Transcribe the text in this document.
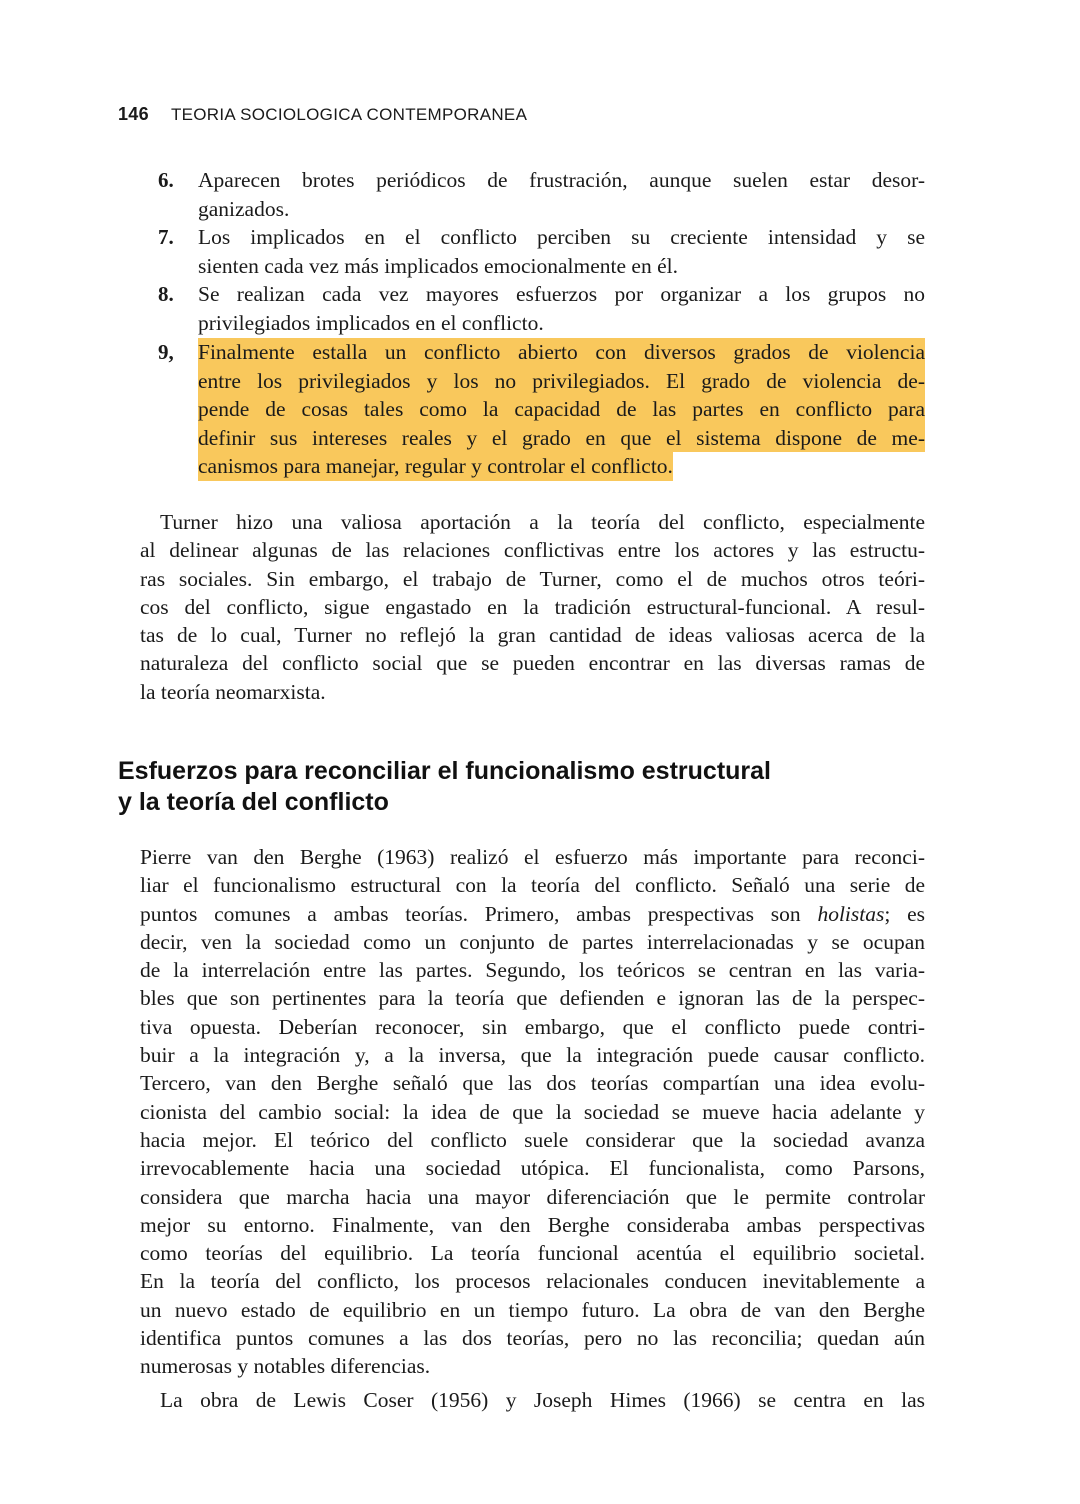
146 TEORIA SOCIOLOGICA CONTEMPORANEA
6. Aparecen brotes periódicos de frustración, aunque suelen estar desor-
ganizados.
7. Los implicados en el conflicto perciben su creciente intensidad y se
sienten cada vez más implicados emocionalmente en él.
8. Se realizan cada vez mayores esfuerzos por organizar a los grupos no
privilegiados implicados en el conflicto.
9, Finalmente estalla un conflicto abierto con diversos grados de violencia
entre los privilegiados y los no privilegiados. El grado de violencia de-
pende de cosas tales como la capacidad de las partes en conflicto para
definir sus intereses reales y el grado en que el sistema dispone de me-
canismos para manejar, regular y controlar el conflicto.
Turner hizo una valiosa aportación a la teoría del conflicto, especialmente
al delinear algunas de las relaciones conflictivas entre los actores y las estructu-
ras sociales. Sin embargo, el trabajo de Turner, como el de muchos otros teóri-
cos del conflicto, sigue engastado en la tradición estructural-funcional. A resul-
tas de lo cual, Turner no reflejó la gran cantidad de ideas valiosas acerca de la
naturaleza del conflicto social que se pueden encontrar en las diversas ramas de
la teoría neomarxista.
Esfuerzos para reconciliar el funcionalismo estructural
y la teoría del conflicto
Pierre van den Berghe (1963) realizó el esfuerzo más importante para reconci-
liar el funcionalismo estructural con la teoría del conflicto. Señaló una serie de
puntos comunes a ambas teorías. Primero, ambas prespectivas son holistas; es
decir, ven la sociedad como un conjunto de partes interrelacionadas y se ocupan
de la interrelación entre las partes. Segundo, los teóricos se centran en las varia-
bles que son pertinentes para la teoría que defienden e ignoran las de la perspec-
tiva opuesta. Deberían reconocer, sin embargo, que el conflicto puede contri-
buir a la integración y, a la inversa, que la integración puede causar conflicto.
Tercero, van den Berghe señaló que las dos teorías compartían una idea evolu-
cionista del cambio social: la idea de que la sociedad se mueve hacia adelante y
hacia mejor. El teórico del conflicto suele considerar que la sociedad avanza
irrevocablemente hacia una sociedad utópica. El funcionalista, como Parsons,
considera que marcha hacia una mayor diferenciación que le permite controlar
mejor su entorno. Finalmente, van den Berghe consideraba ambas perspectivas
como teorías del equilibrio. La teoría funcional acentúa el equilibrio societal.
En la teoría del conflicto, los procesos relacionales conducen inevitablemente a
un nuevo estado de equilibrio en un tiempo futuro. La obra de van den Berghe
identifica puntos comunes a las dos teorías, pero no las reconcilia; quedan aún
numerosas y notables diferencias.
La obra de Lewis Coser (1956) y Joseph Himes (1966) se centra en las
